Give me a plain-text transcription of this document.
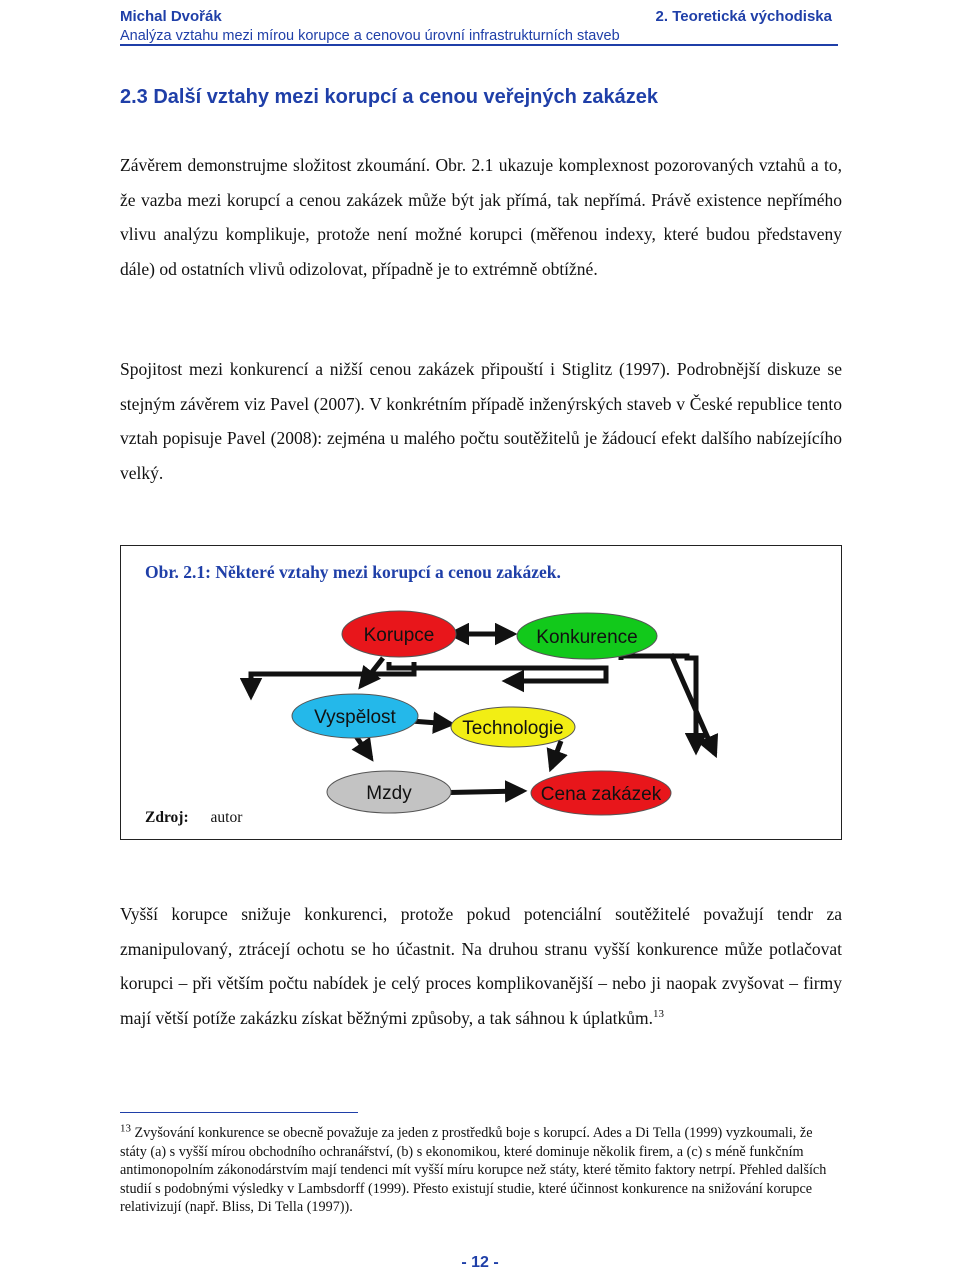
Michal Dvořák
Analýza vztahu mezi mírou korupce a cenovou úrovní infrastrukturních staveb
2. Teoretická východiska
2.3 Další vztahy mezi korupcí a cenou veřejných zakázek

Závěrem demonstrujme složitost zkoumání. Obr. 2.1 ukazuje komplexnost pozorovaných vztahů a to, že vazba mezi korupcí a cenou zakázek může být jak přímá, tak nepřímá. Právě existence nepřímého vlivu analýzu komplikuje, protože není možné korupci (měřenou indexy, které budou představeny dále) od ostatních vlivů odizolovat, případně je to extrémně obtížné.

Spojitost mezi konkurencí a nižší cenou zakázek připouští i Stiglitz (1997). Podrobnější diskuze se stejným závěrem viz Pavel (2007). V konkrétním případě inženýrských staveb v České republice tento vztah popisuje Pavel (2008): zejména u malého počtu soutěžitelů je žádoucí efekt dalšího nabízejícího velký.

Obr. 2.1: Některé vztahy mezi korupcí a cenou zakázek.
Korupce	Konkurence
Vyspělost
Technologie
Mzdy	Cena zakázek
Zdroj: autor

Vyšší korupce snižuje konkurenci, protože pokud potenciální soutěžitelé považují tendr za zmanipulovaný, ztrácejí ochotu se ho účastnit. Na druhou stranu vyšší konkurence může potlačovat korupci – při větším počtu nabídek je celý proces komplikovanější – nebo ji naopak zvyšovat – firmy mají větší potíže zakázku získat běžnými způsoby, a tak sáhnou k úplatkům.$^{13}$

$^{13}$ Zvyšování konkurence se obecně považuje za jeden z prostředků boje s korupcí. Ades a Di Tella (1999) vyzkoumali, že státy (a) s vyšší mírou obchodního ochranářství, (b) s ekonomikou, které dominuje několik firem, a (c) s méně funkčním antimonopolním zákonodárstvím mají tendenci mít vyšší míru korupce než státy, které těmito faktory netrpí. Přehled dalších studií s podobnými výsledky v Lambsdorff (1999). Přesto existují studie, které účinnost konkurence na snižování korupce relativizují (např. Bliss, Di Tella (1997)).

- 12 -
